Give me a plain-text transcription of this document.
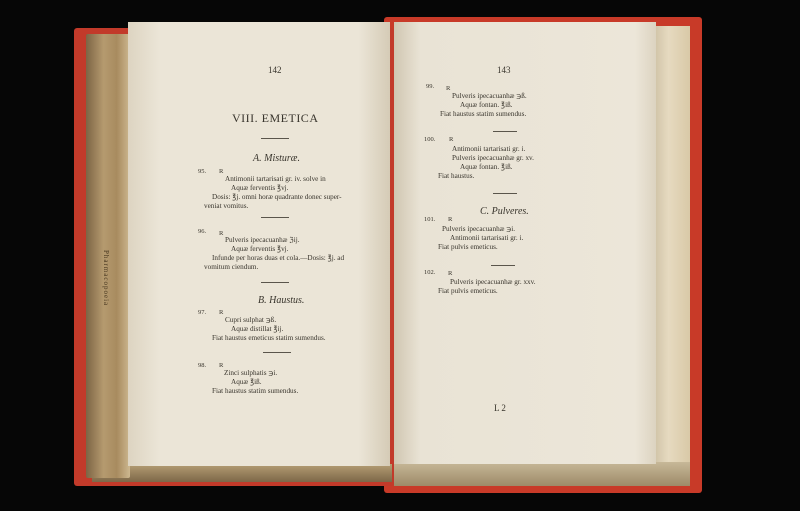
Pharmacopoeia
142
VIII. EMETICA
A. Misturæ.
95. R
Antimonii tartarisati gr. iv. solve in
Aquæ ferventis ℥vj.
Dosis: ℥j. omni horæ quadrante donec super-
veniat vomitus.
96. R
Pulveris ipecacuanhæ ℨij.
Aquæ ferventis ℥vj.
Infunde per horas duas et cola.—Dosis: ℥j. ad
vomitum ciendum.
B. Haustus.
97. R
Cupri sulphat ℈ß.
Aquæ distillat ℥ij.
Fiat haustus emeticus statim sumendus.
98. R
Zinci sulphatis ℈i.
Aquæ ℥iß.
Fiat haustus statim sumendus.
143
99. R
Pulveris ipecacuanhæ ℈ß.
Aquæ fontan. ℥iß.
Fiat haustus statim sumendus.
100. R
Antimonii tartarisati gr. i.
Pulveris ipecacuanhæ gr. xv.
Aquæ fontan. ℥iß.
Fiat haustus.
C. Pulveres.
101. R
Pulveris ipecacuanhæ ℈i.
Antimonii tartarisati gr. i.
Fiat pulvis emeticus.
102. R
Pulveris ipecacuanhæ gr. xxv.
Fiat pulvis emeticus.
L 2
